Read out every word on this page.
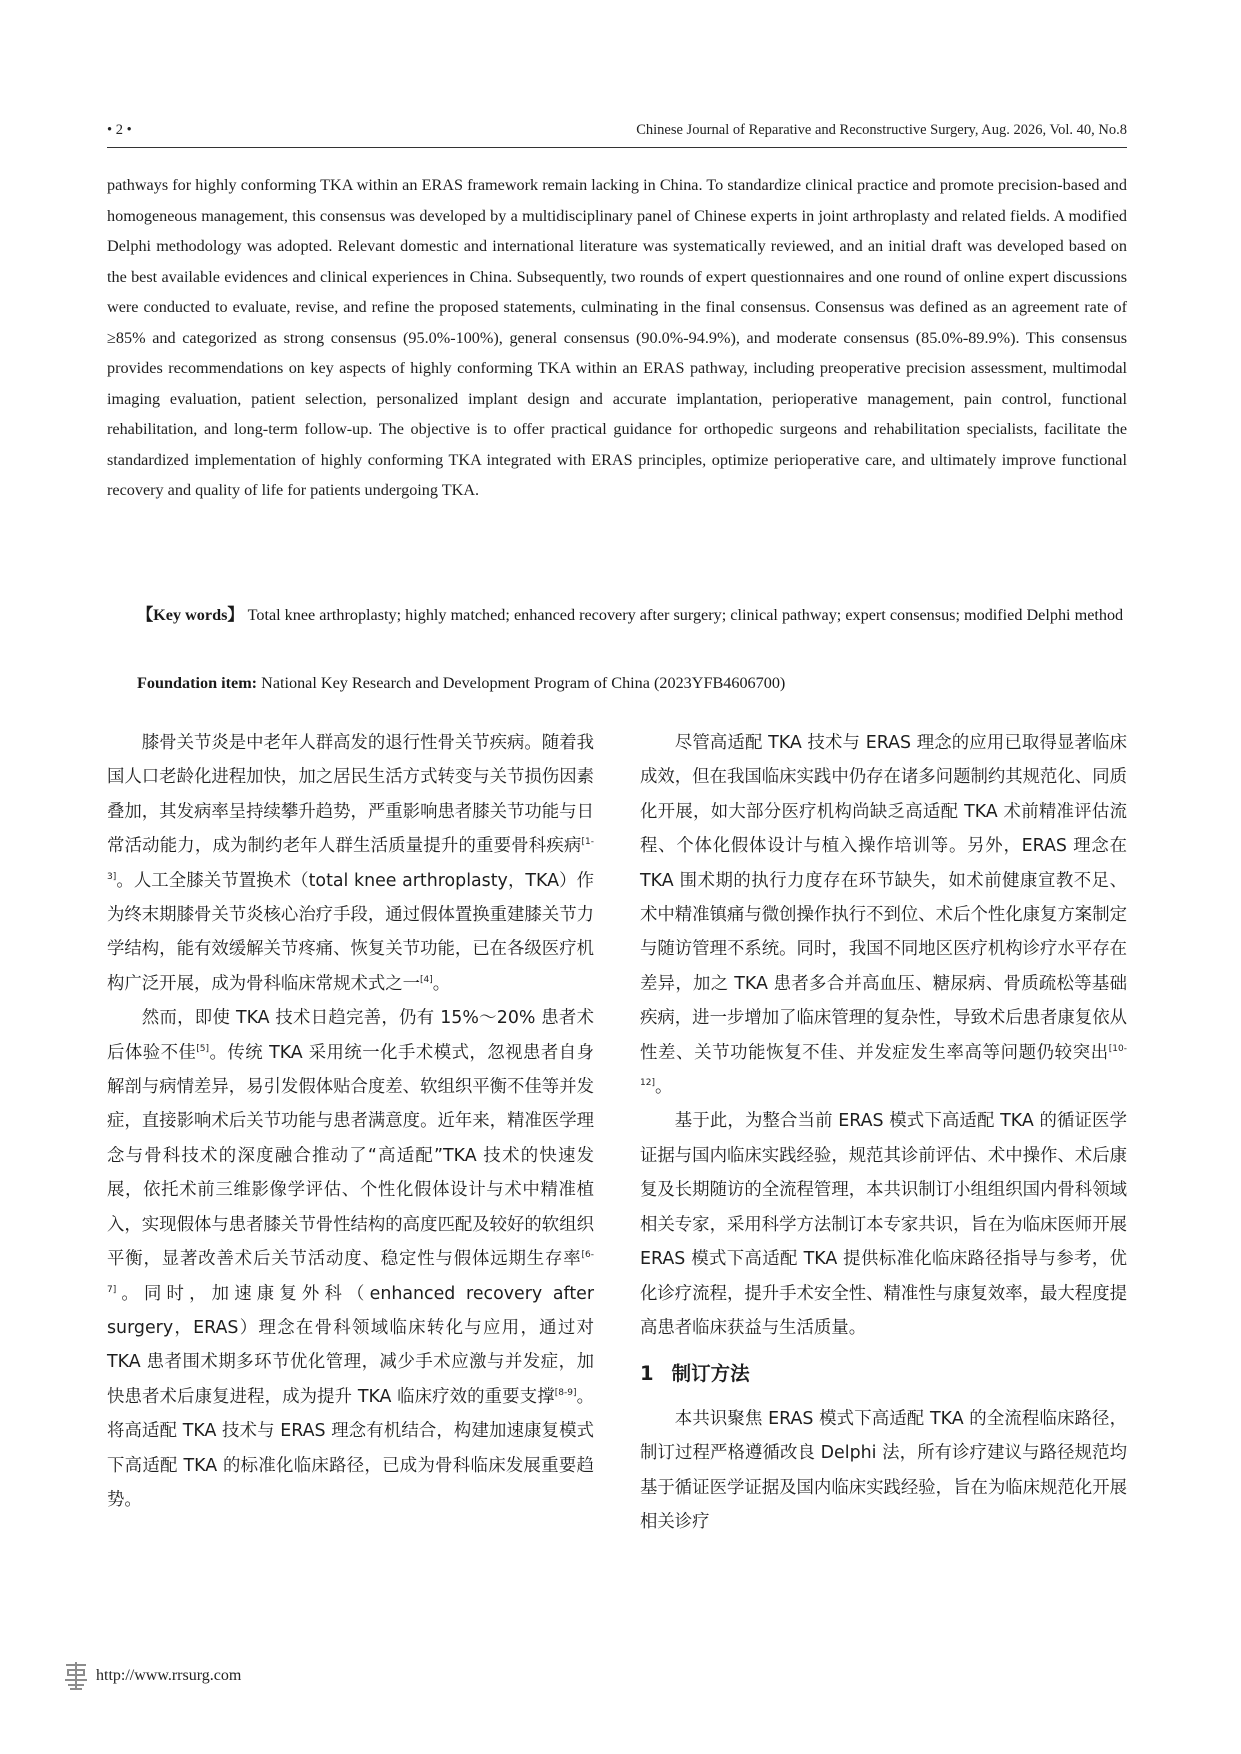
• 2 •	Chinese Journal of Reparative and Reconstructive Surgery, Aug. 2026, Vol. 40, No.8

pathways for highly conforming TKA within an ERAS framework remain lacking in China. To standardize clinical practice and promote precision-based and homogeneous management, this consensus was developed by a multidisciplinary panel of Chinese experts in joint arthroplasty and related fields. A modified Delphi methodology was adopted. Relevant domestic and international literature was systematically reviewed, and an initial draft was developed based on the best available evidences and clinical experiences in China. Subsequently, two rounds of expert questionnaires and one round of online expert discussions were conducted to evaluate, revise, and refine the proposed statements, culminating in the final consensus. Consensus was defined as an agreement rate of ≥85% and categorized as strong consensus (95.0%-100%), general consensus (90.0%-94.9%), and moderate consensus (85.0%-89.9%). This consensus provides recommendations on key aspects of highly conforming TKA within an ERAS pathway, including preoperative precision assessment, multimodal imaging evaluation, patient selection, personalized implant design and accurate implantation, perioperative management, pain control, functional rehabilitation, and long-term follow-up. The objective is to offer practical guidance for orthopedic surgeons and rehabilitation specialists, facilitate the standardized implementation of highly conforming TKA integrated with ERAS principles, optimize perioperative care, and ultimately improve functional recovery and quality of life for patients undergoing TKA.

【Key words】 Total knee arthroplasty; highly matched; enhanced recovery after surgery; clinical pathway; expert consensus; modified Delphi method

Foundation item: National Key Research and Development Program of China (2023YFB4606700)

膝骨关节炎是中老年人群高发的退行性骨关节疾病。随着我国人口老龄化进程加快，加之居民生活方式转变与关节损伤因素叠加，其发病率呈持续攀升趋势，严重影响患者膝关节功能与日常活动能力，成为制约老年人群生活质量提升的重要骨科疾病[1-3]。人工全膝关节置换术（total knee arthroplasty，TKA）作为终末期膝骨关节炎核心治疗手段，通过假体置换重建膝关节力学结构，能有效缓解关节疼痛、恢复关节功能，已在各级医疗机构广泛开展，成为骨科临床常规术式之一[4]。

然而，即使 TKA 技术日趋完善，仍有 15%～20% 患者术后体验不佳[5]。传统 TKA 采用统一化手术模式，忽视患者自身解剖与病情差异，易引发假体贴合度差、软组织平衡不佳等并发症，直接影响术后关节功能与患者满意度。近年来，精准医学理念与骨科技术的深度融合推动了“高适配”TKA 技术的快速发展，依托术前三维影像学评估、个性化假体设计与术中精准植入，实现假体与患者膝关节骨性结构的高度匹配及较好的软组织平衡，显著改善术后关节活动度、稳定性与假体远期生存率[6-7]。同时，加速康复外科（enhanced recovery after surgery，ERAS）理念在骨科领域临床转化与应用，通过对 TKA 患者围术期多环节优化管理，减少手术应激与并发症，加快患者术后康复进程，成为提升 TKA 临床疗效的重要支撑[8-9]。将高适配 TKA 技术与 ERAS 理念有机结合，构建加速康复模式下高适配 TKA 的标准化临床路径，已成为骨科临床发展重要趋势。

尽管高适配 TKA 技术与 ERAS 理念的应用已取得显著临床成效，但在我国临床实践中仍存在诸多问题制约其规范化、同质化开展，如大部分医疗机构尚缺乏高适配 TKA 术前精准评估流程、个体化假体设计与植入操作培训等。另外，ERAS 理念在 TKA 围术期的执行力度存在环节缺失，如术前健康宣教不足、术中精准镇痛与微创操作执行不到位、术后个性化康复方案制定与随访管理不系统。同时，我国不同地区医疗机构诊疗水平存在差异，加之 TKA 患者多合并高血压、糖尿病、骨质疏松等基础疾病，进一步增加了临床管理的复杂性，导致术后患者康复依从性差、关节功能恢复不佳、并发症发生率高等问题仍较突出[10-12]。

基于此，为整合当前 ERAS 模式下高适配 TKA 的循证医学证据与国内临床实践经验，规范其诊前评估、术中操作、术后康复及长期随访的全流程管理，本共识制订小组组织国内骨科领域相关专家，采用科学方法制订本专家共识，旨在为临床医师开展 ERAS 模式下高适配 TKA 提供标准化临床路径指导与参考，优化诊疗流程，提升手术安全性、精准性与康复效率，最大程度提高患者临床获益与生活质量。

1 制订方法

本共识聚焦 ERAS 模式下高适配 TKA 的全流程临床路径，制订过程严格遵循改良 Delphi 法，所有诊疗建议与路径规范均基于循证医学证据及国内临床实践经验，旨在为临床规范化开展相关诊疗

http://www.rrsurg.com
